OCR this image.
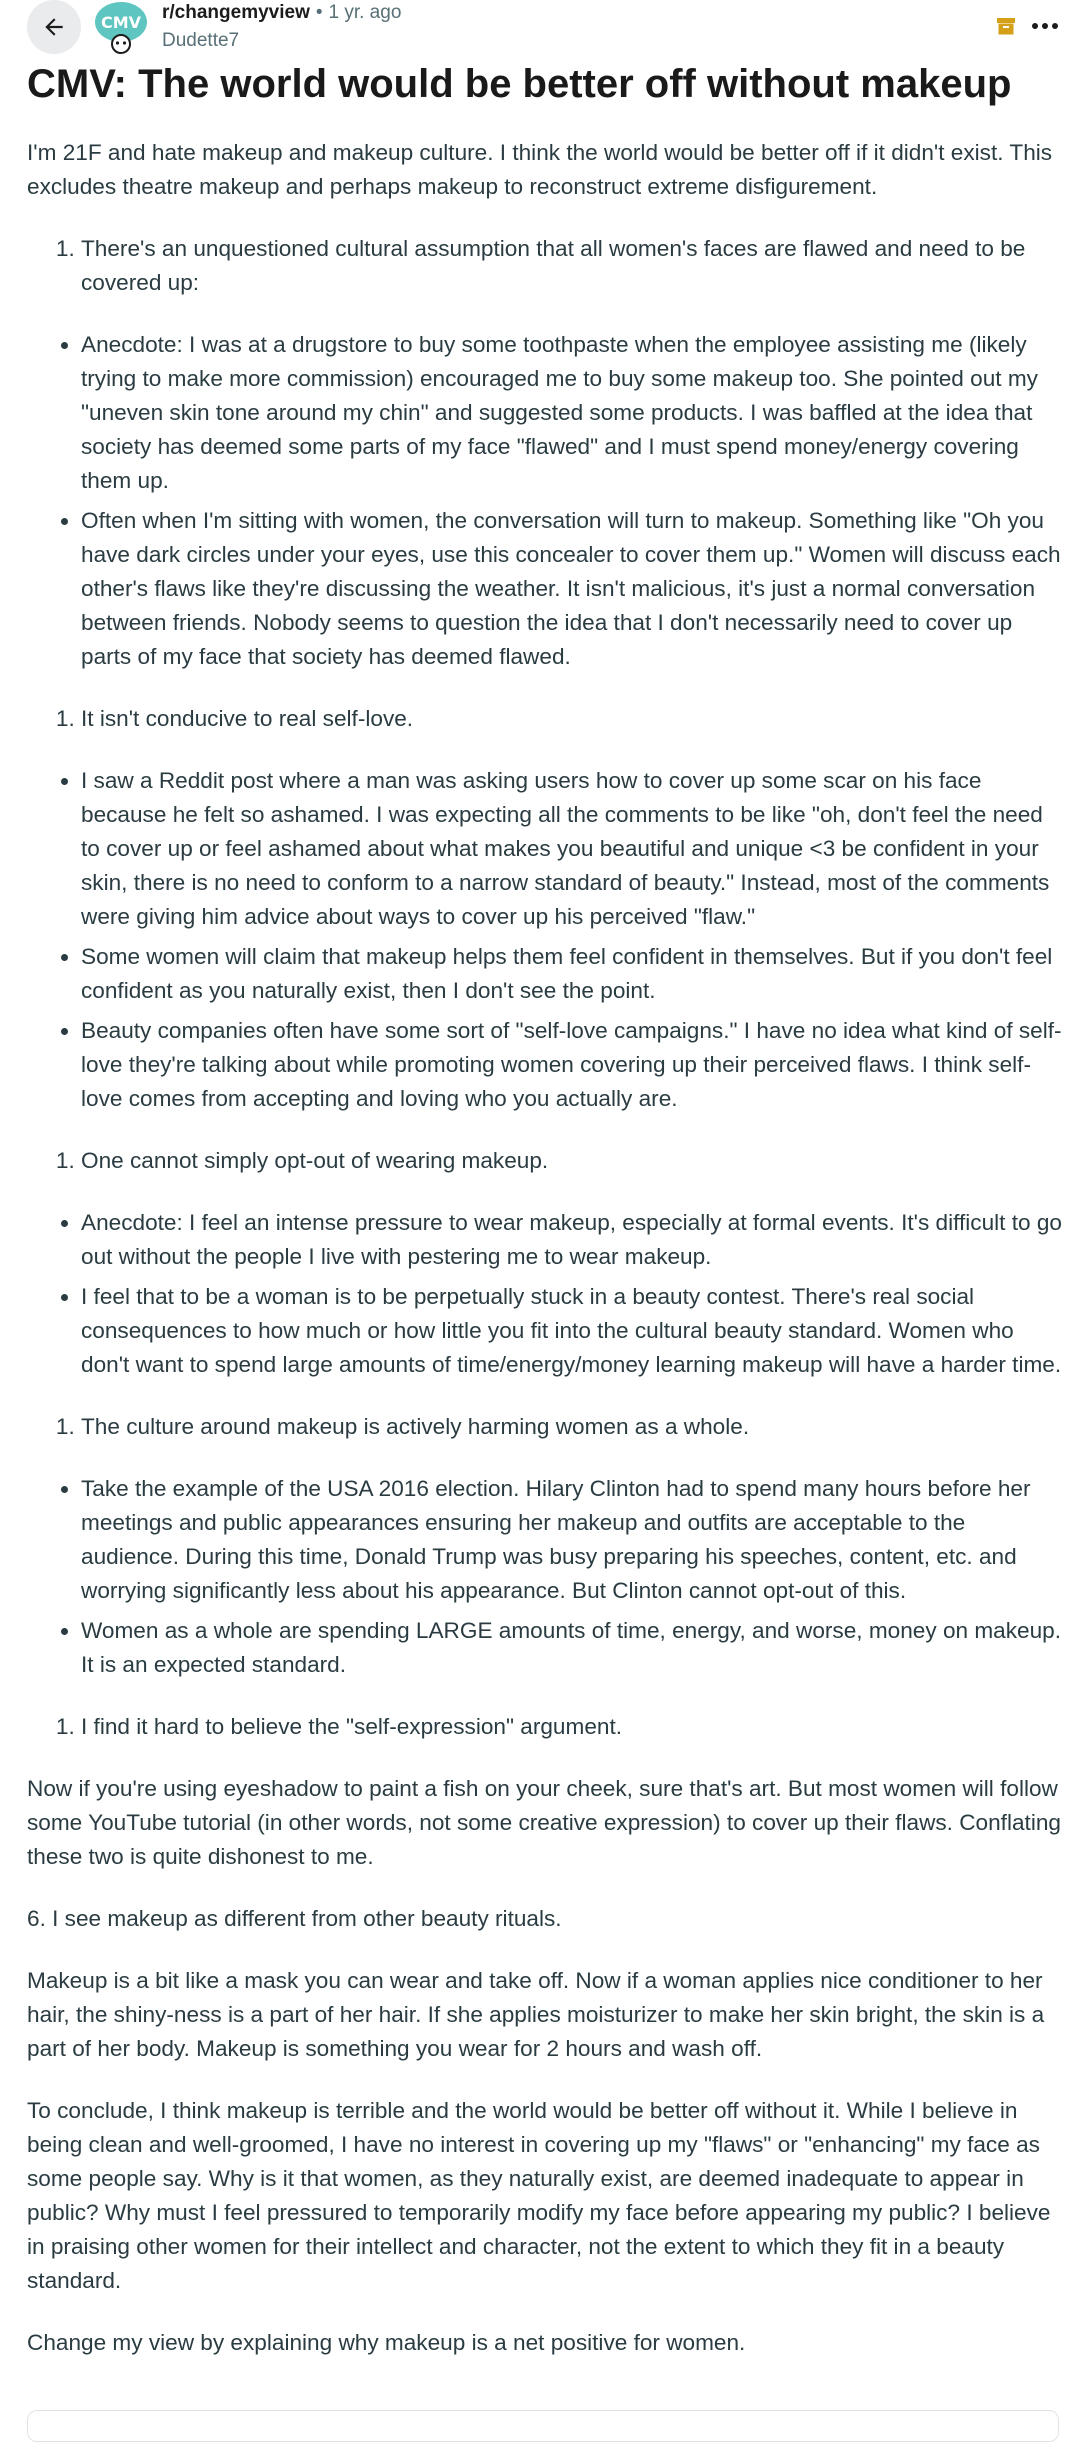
CMV r/changemyview • 1 yr. ago
Dudette7
CMV: The world would be better off without makeup

I'm 21F and hate makeup and makeup culture. I think the world would be better off if it didn't exist. This excludes theatre makeup and perhaps makeup to reconstruct extreme disfigurement.

1. There's an unquestioned cultural assumption that all women's faces are flawed and need to be covered up:
• Anecdote: I was at a drugstore to buy some toothpaste when the employee assisting me (likely trying to make more commission) encouraged me to buy some makeup too. She pointed out my "uneven skin tone around my chin" and suggested some products. I was baffled at the idea that society has deemed some parts of my face "flawed" and I must spend money/energy covering them up.
• Often when I'm sitting with women, the conversation will turn to makeup. Something like "Oh you have dark circles under your eyes, use this concealer to cover them up." Women will discuss each other's flaws like they're discussing the weather. It isn't malicious, it's just a normal conversation between friends. Nobody seems to question the idea that I don't necessarily need to cover up parts of my face that society has deemed flawed.
1. It isn't conducive to real self-love.
• I saw a Reddit post where a man was asking users how to cover up some scar on his face because he felt so ashamed. I was expecting all the comments to be like "oh, don't feel the need to cover up or feel ashamed about what makes you beautiful and unique <3 be confident in your skin, there is no need to conform to a narrow standard of beauty." Instead, most of the comments were giving him advice about ways to cover up his perceived "flaw."
• Some women will claim that makeup helps them feel confident in themselves. But if you don't feel confident as you naturally exist, then I don't see the point.
• Beauty companies often have some sort of "self-love campaigns." I have no idea what kind of self-love they're talking about while promoting women covering up their perceived flaws. I think self-love comes from accepting and loving who you actually are.
1. One cannot simply opt-out of wearing makeup.
• Anecdote: I feel an intense pressure to wear makeup, especially at formal events. It's difficult to go out without the people I live with pestering me to wear makeup.
• I feel that to be a woman is to be perpetually stuck in a beauty contest. There's real social consequences to how much or how little you fit into the cultural beauty standard. Women who don't want to spend large amounts of time/energy/money learning makeup will have a harder time.
1. The culture around makeup is actively harming women as a whole.
• Take the example of the USA 2016 election. Hilary Clinton had to spend many hours before her meetings and public appearances ensuring her makeup and outfits are acceptable to the audience. During this time, Donald Trump was busy preparing his speeches, content, etc. and worrying significantly less about his appearance. But Clinton cannot opt-out of this.
• Women as a whole are spending LARGE amounts of time, energy, and worse, money on makeup. It is an expected standard.
1. I find it hard to believe the "self-expression" argument.

Now if you're using eyeshadow to paint a fish on your cheek, sure that's art. But most women will follow some YouTube tutorial (in other words, not some creative expression) to cover up their flaws. Conflating these two is quite dishonest to me.

6. I see makeup as different from other beauty rituals.

Makeup is a bit like a mask you can wear and take off. Now if a woman applies nice conditioner to her hair, the shiny-ness is a part of her hair. If she applies moisturizer to make her skin bright, the skin is a part of her body. Makeup is something you wear for 2 hours and wash off.

To conclude, I think makeup is terrible and the world would be better off without it. While I believe in being clean and well-groomed, I have no interest in covering up my "flaws" or "enhancing" my face as some people say. Why is it that women, as they naturally exist, are deemed inadequate to appear in public? Why must I feel pressured to temporarily modify my face before appearing my public? I believe in praising other women for their intellect and character, not the extent to which they fit in a beauty standard.

Change my view by explaining why makeup is a net positive for women.
